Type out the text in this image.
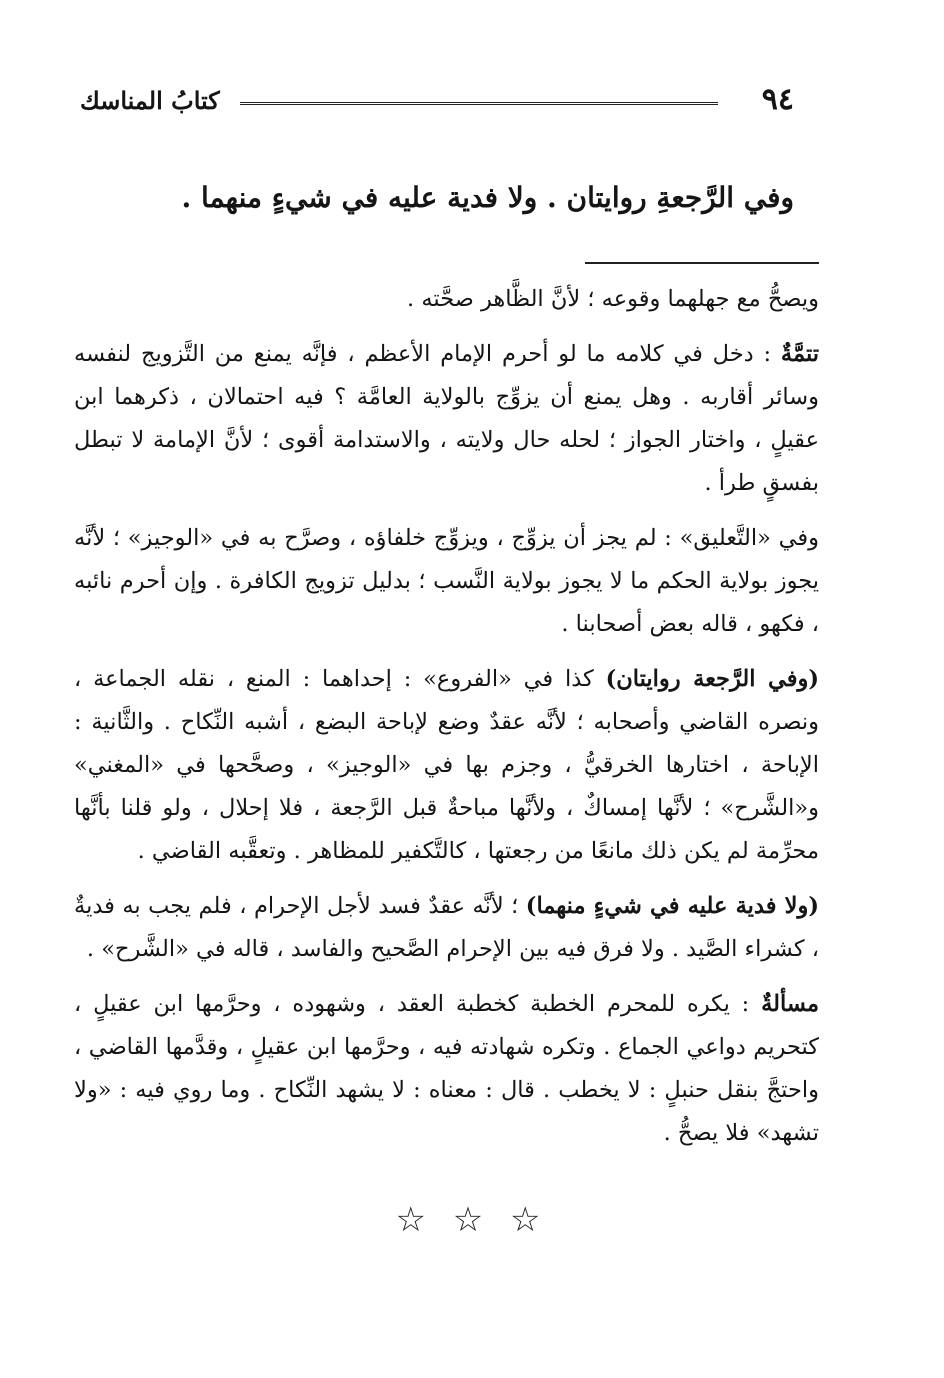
٩٤
كتابُ المناسك
وفي الرَّجعةِ روايتان . ولا فدية عليه في شيءٍ منهما .

ويصحُّ مع جهلهما وقوعه ؛ لأنَّ الظَّاهر صحَّته .

تتمَّةٌ : دخل في كلامه ما لو أحرم الإمام الأعظم ، فإنَّه يمنع من التَّزويج لنفسه وسائر أقاربه . وهل يمنع أن يزوِّج بالولاية العامَّة ؟ فيه احتمالان ، ذكرهما ابن عقيلٍ ، واختار الجواز ؛ لحله حال ولايته ، والاستدامة أقوى ؛ لأنَّ الإمامة لا تبطل بفسقٍ طرأ .

وفي «التَّعليق» : لم يجز أن يزوِّج ، ويزوِّج خلفاؤه ، وصرَّح به في «الوجيز» ؛ لأنَّه يجوز بولاية الحكم ما لا يجوز بولاية النَّسب ؛ بدليل تزويج الكافرة . وإن أحرم نائبه ، فكهو ، قاله بعض أصحابنا .

(وفي الرَّجعة روايتان) كذا في «الفروع» : إحداهما : المنع ، نقله الجماعة ، ونصره القاضي وأصحابه ؛ لأنَّه عقدٌ وضع لإباحة البضع ، أشبه النِّكاح . والثَّانية : الإباحة ، اختارها الخرقيُّ ، وجزم بها في «الوجيز» ، وصحَّحها في «المغني» و«الشَّرح» ؛ لأنَّها إمساكٌ ، ولأنَّها مباحةٌ قبل الرَّجعة ، فلا إحلال ، ولو قلنا بأنَّها محرِّمة لم يكن ذلك مانعًا من رجعتها ، كالتَّكفير للمظاهر . وتعقَّبه القاضي .

(ولا فدية عليه في شيءٍ منهما) ؛ لأنَّه عقدٌ فسد لأجل الإحرام ، فلم يجب به فديةٌ ، كشراء الصَّيد . ولا فرق فيه بين الإحرام الصَّحيح والفاسد ، قاله في «الشَّرح» .

مسألةٌ : يكره للمحرم الخطبة كخطبة العقد ، وشهوده ، وحرَّمها ابن عقيلٍ ، كتحريم دواعي الجماع . وتكره شهادته فيه ، وحرَّمها ابن عقيلٍ ، وقدَّمها القاضي ، واحتجَّ بنقل حنبلٍ : لا يخطب . قال : معناه : لا يشهد النِّكاح . وما روي فيه : «ولا تشهد» فلا يصحُّ .

☆ ☆ ☆
